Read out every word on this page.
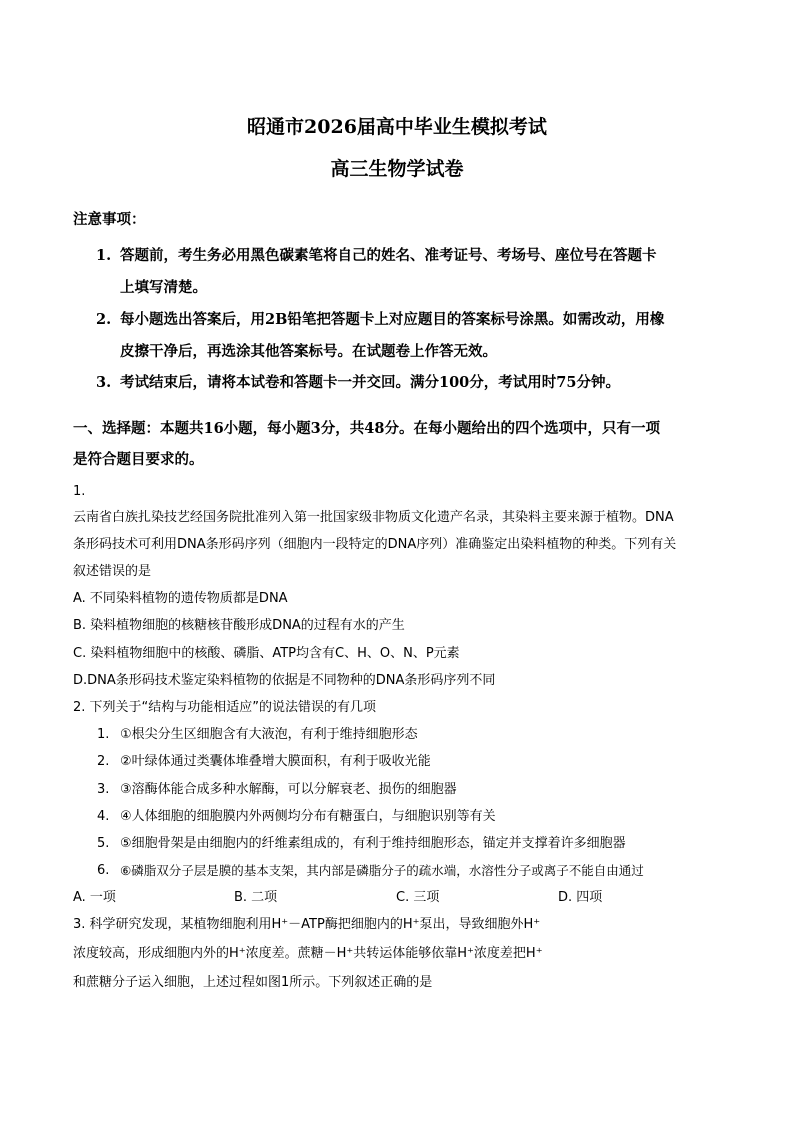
昭通市2026届高中毕业生模拟考试
高三生物学试卷
注意事项：
1. 答题前，考生务必用黑色碳素笔将自己的姓名、准考证号、考场号、座位号在答题卡
上填写清楚。
2. 每小题选出答案后，用2B铅笔把答题卡上对应题目的答案标号涂黑。如需改动，用橡
皮擦干净后，再选涂其他答案标号。在试题卷上作答无效。
3. 考试结束后，请将本试卷和答题卡一并交回。满分100分，考试用时75分钟。
一、选择题：本题共16小题，每小题3分，共48分。在每小题给出的四个选项中，只有一项
是符合题目要求的。
1.
云南省白族扎染技艺经国务院批准列入第一批国家级非物质文化遗产名录，其染料主要来源于植物。DNA
条形码技术可利用DNA条形码序列（细胞内一段特定的DNA序列）准确鉴定出染料植物的种类。下列有关
叙述错误的是
A. 不同染料植物的遗传物质都是DNA
B. 染料植物细胞的核糖核苷酸形成DNA的过程有水的产生
C. 染料植物细胞中的核酸、磷脂、ATP均含有C、H、O、N、P元素
D.DNA条形码技术鉴定染料植物的依据是不同物种的DNA条形码序列不同
2. 下列关于“结构与功能相适应”的说法错误的有几项
1. ①根尖分生区细胞含有大液泡，有利于维持细胞形态
2. ②叶绿体通过类囊体堆叠增大膜面积，有利于吸收光能
3. ③溶酶体能合成多种水解酶，可以分解衰老、损伤的细胞器
4. ④人体细胞的细胞膜内外两侧均分布有糖蛋白，与细胞识别等有关
5. ⑤细胞骨架是由细胞内的纤维素组成的，有利于维持细胞形态，锚定并支撑着许多细胞器
6. ⑥磷脂双分子层是膜的基本支架，其内部是磷脂分子的疏水端，水溶性分子或离子不能自由通过
A. 一项	B. 二项	C. 三项	D. 四项
3. 科学研究发现，某植物细胞利用H⁺－ATP酶把细胞内的H⁺泵出，导致细胞外H⁺
浓度较高，形成细胞内外的H⁺浓度差。蔗糖－H⁺共转运体能够依靠H⁺浓度差把H⁺
和蔗糖分子运入细胞，上述过程如图1所示。下列叙述正确的是
